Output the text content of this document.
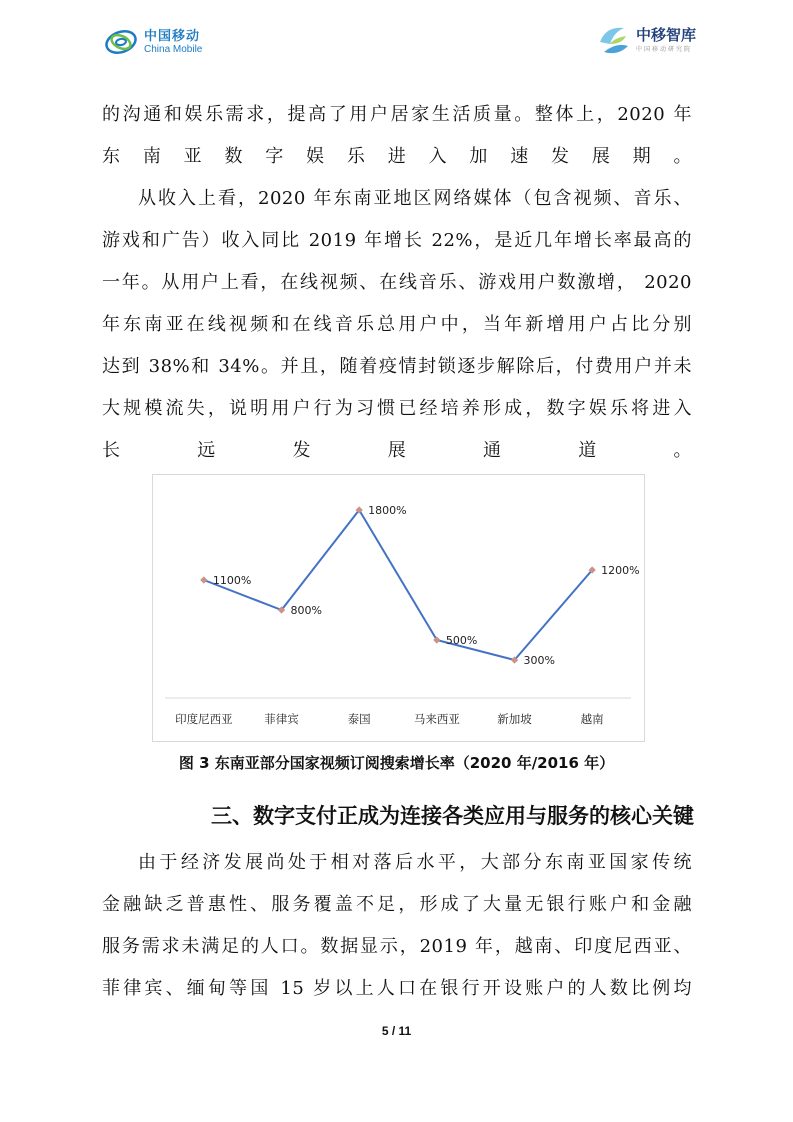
中国移动
China Mobile
中移智库
中国移动研究院
的沟通和娱乐需求，提高了用户居家生活质量。整体上，2020 年
东南亚数字娱乐进入加速发展期。
从收入上看，2020 年东南亚地区网络媒体（包含视频、音乐、
游戏和广告）收入同比 2019 年增长 22%，是近几年增长率最高的
一年。从用户上看，在线视频、在线音乐、游戏用户数激增， 2020
年东南亚在线视频和在线音乐总用户中，当年新增用户占比分别
达到 38%和 34%。并且，随着疫情封锁逐步解除后，付费用户并未
大规模流失，说明用户行为习惯已经培养形成，数字娱乐将进入
长远发展通道。
1100%
800%
1800%
500%
300%
1200%
印度尼西亚	菲律宾	泰国	马来西亚	新加坡	越南
图 3 东南亚部分国家视频订阅搜索增长率（2020 年/2016 年）
三、数字支付正成为连接各类应用与服务的核心关键
由于经济发展尚处于相对落后水平，大部分东南亚国家传统
金融缺乏普惠性、服务覆盖不足，形成了大量无银行账户和金融
服务需求未满足的人口。数据显示，2019 年，越南、印度尼西亚、
菲律宾、缅甸等国 15 岁以上人口在银行开设账户的人数比例均
5 / 11
